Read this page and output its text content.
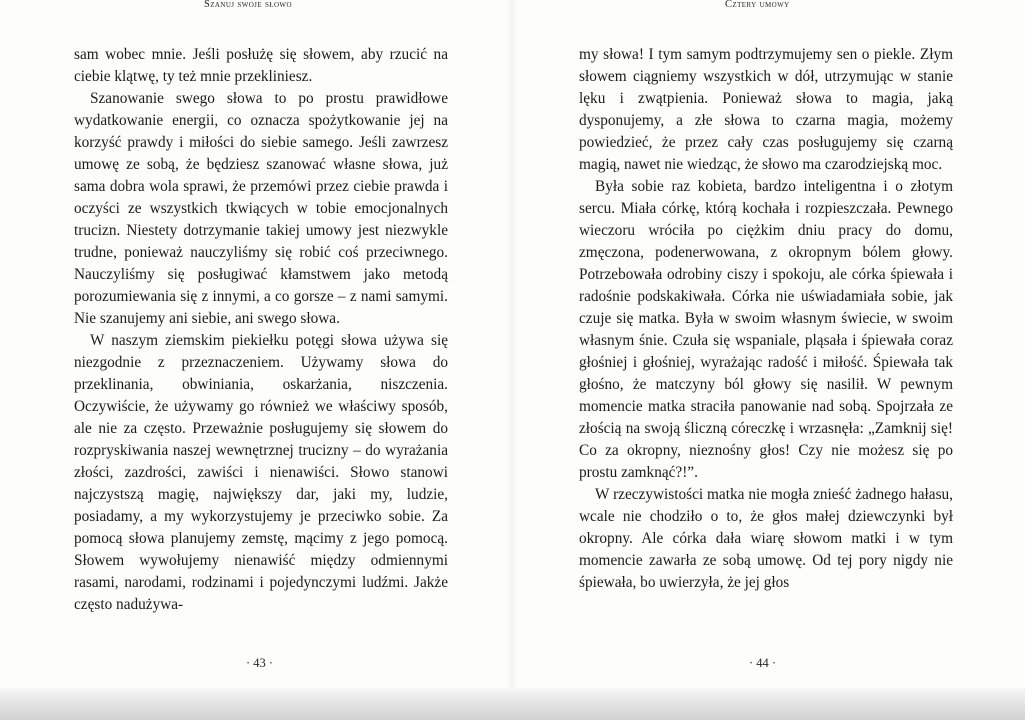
Szanuj swoje słowo

sam wobec mnie. Jeśli posłużę się słowem, aby rzucić na ciebie klątwę, ty też mnie przekliniesz.

Szanowanie swego słowa to po prostu prawidłowe wydatkowanie energii, co oznacza spożytkowanie jej na korzyść prawdy i miłości do siebie samego. Jeśli zawrzesz umowę ze sobą, że będziesz szanować własne słowa, już sama dobra wola sprawi, że przemówi przez ciebie prawda i oczyści ze wszystkich tkwiących w tobie emocjonalnych trucizn. Niestety dotrzymanie takiej umowy jest niezwykle trudne, ponieważ nauczyliśmy się robić coś przeciwnego. Nauczyliśmy się posługiwać kłamstwem jako metodą porozumiewania się z innymi, a co gorsze – z nami samymi. Nie szanujemy ani siebie, ani swego słowa.

W naszym ziemskim piekiełku potęgi słowa używa się niezgodnie z przeznaczeniem. Używamy słowa do przeklinania, obwiniania, oskarżania, niszczenia. Oczywiście, że używamy go również we właściwy sposób, ale nie za często. Przeważnie posługujemy się słowem do rozpryskiwania naszej wewnętrznej trucizny – do wyrażania złości, zazdrości, zawiści i nienawiści. Słowo stanowi najczystszą magię, największy dar, jaki my, ludzie, posiadamy, a my wykorzystujemy je przeciwko sobie. Za pomocą słowa planujemy zemstę, mącimy z jego pomocą. Słowem wywołujemy nienawiść między odmiennymi rasami, narodami, rodzinami i pojedynczymi ludźmi. Jakże często nadużywa-

· 43 ·
Cztery umowy

my słowa! I tym samym podtrzymujemy sen o piekle. Złym słowem ciągniemy wszystkich w dół, utrzymując w stanie lęku i zwątpienia. Ponieważ słowa to magia, jaką dysponujemy, a złe słowa to czarna magia, możemy powiedzieć, że przez cały czas posługujemy się czarną magią, nawet nie wiedząc, że słowo ma czarodziejską moc.

Była sobie raz kobieta, bardzo inteligentna i o złotym sercu. Miała córkę, którą kochała i rozpieszczała. Pewnego wieczoru wróciła po ciężkim dniu pracy do domu, zmęczona, podenerwowana, z okropnym bólem głowy. Potrzebowała odrobiny ciszy i spokoju, ale córka śpiewała i radośnie podskakiwała. Córka nie uświadamiała sobie, jak czuje się matka. Była w swoim własnym świecie, w swoim własnym śnie. Czuła się wspaniale, pląsała i śpiewała coraz głośniej i głośniej, wyrażając radość i miłość. Śpiewała tak głośno, że matczyny ból głowy się nasilił. W pewnym momencie matka straciła panowanie nad sobą. Spojrzała ze złością na swoją śliczną córeczkę i wrzasnęła: „Zamknij się! Co za okropny, nieznośny głos! Czy nie możesz się po prostu zamknąć?!”.

W rzeczywistości matka nie mogła znieść żadnego hałasu, wcale nie chodziło o to, że głos małej dziewczynki był okropny. Ale córka dała wiarę słowom matki i w tym momencie zawarła ze sobą umowę. Od tej pory nigdy nie śpiewała, bo uwierzyła, że jej głos

· 44 ·
